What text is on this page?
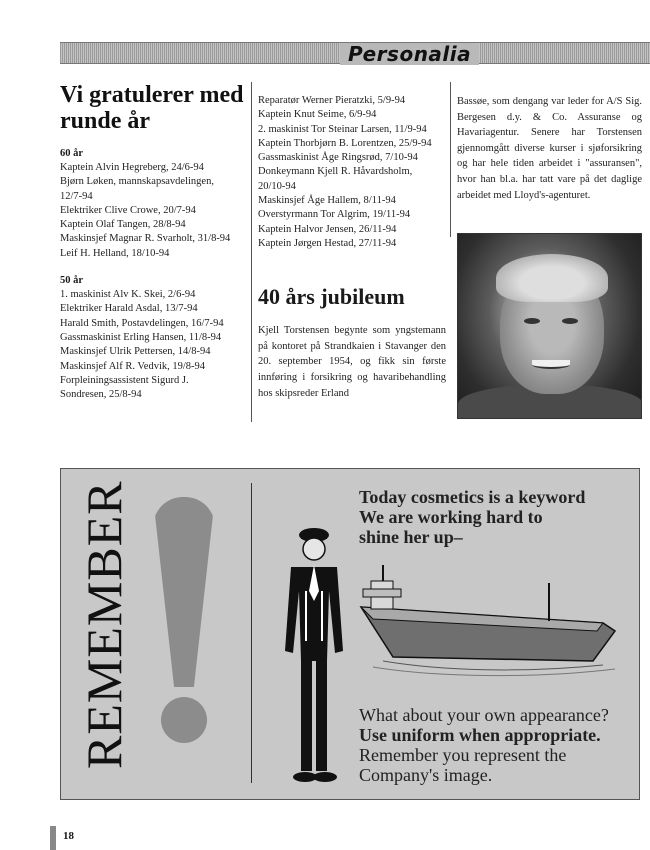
Personalia
Vi gratulerer med runde år
60 år
Kaptein Alvin Hegreberg, 24/6-94
Bjørn Løken, mannskapsavdelingen,
12/7-94
Elektriker Clive Crowe, 20/7-94
Kaptein Olaf Tangen, 28/8-94
Maskinsjef Magnar R. Svarholt, 31/8-94
Leif H. Helland, 18/10-94
50 år
1. maskinist Alv K. Skei, 2/6-94
Elektriker Harald Asdal, 13/7-94
Harald Smith, Postavdelingen, 16/7-94
Gassmaskinist Erling Hansen, 11/8-94
Maskinsjef Ulrik Pettersen, 14/8-94
Maskinsjef Alf R. Vedvik, 19/8-94
Forpleiningsassistent Sigurd J.
Sondresen, 25/8-94
Reparatør Werner Pieratzki, 5/9-94
Kaptein Knut Seime, 6/9-94
2. maskinist Tor Steinar Larsen, 11/9-94
Kaptein Thorbjørn B. Lorentzen, 25/9-94
Gassmaskinist Åge Ringsrød, 7/10-94
Donkeymann Kjell R. Håvardsholm,
20/10-94
Maskinsjef Åge Hallem, 8/11-94
Overstyrmann Tor Algrim, 19/11-94
Kaptein Halvor Jensen, 26/11-94
Kaptein Jørgen Hestad, 27/11-94
40 års jubileum
Kjell Torstensen begynte som yngstemann på kontoret på Strandkaien i Stavanger den 20. september 1954, og fikk sin første innføring i forsikring og havaribehandling hos skipsreder Erland
Bassøe, som dengang var leder for A/S Sig. Bergesen d.y. & Co. Assuranse og Havariagentur. Senere har Torstensen gjennomgått diverse kurser i sjøforsikring og har hele tiden arbeidet i "assuransen", hvor han bl.a. har tatt vare på det daglige arbeidet med Lloyd's-agenturet.
REMEMBER	Today cosmetics is a keyword
We are working hard to
shine her up–
What about your own appearance?
Use uniform when appropriate.
Remember you represent the
Company's image.
18
